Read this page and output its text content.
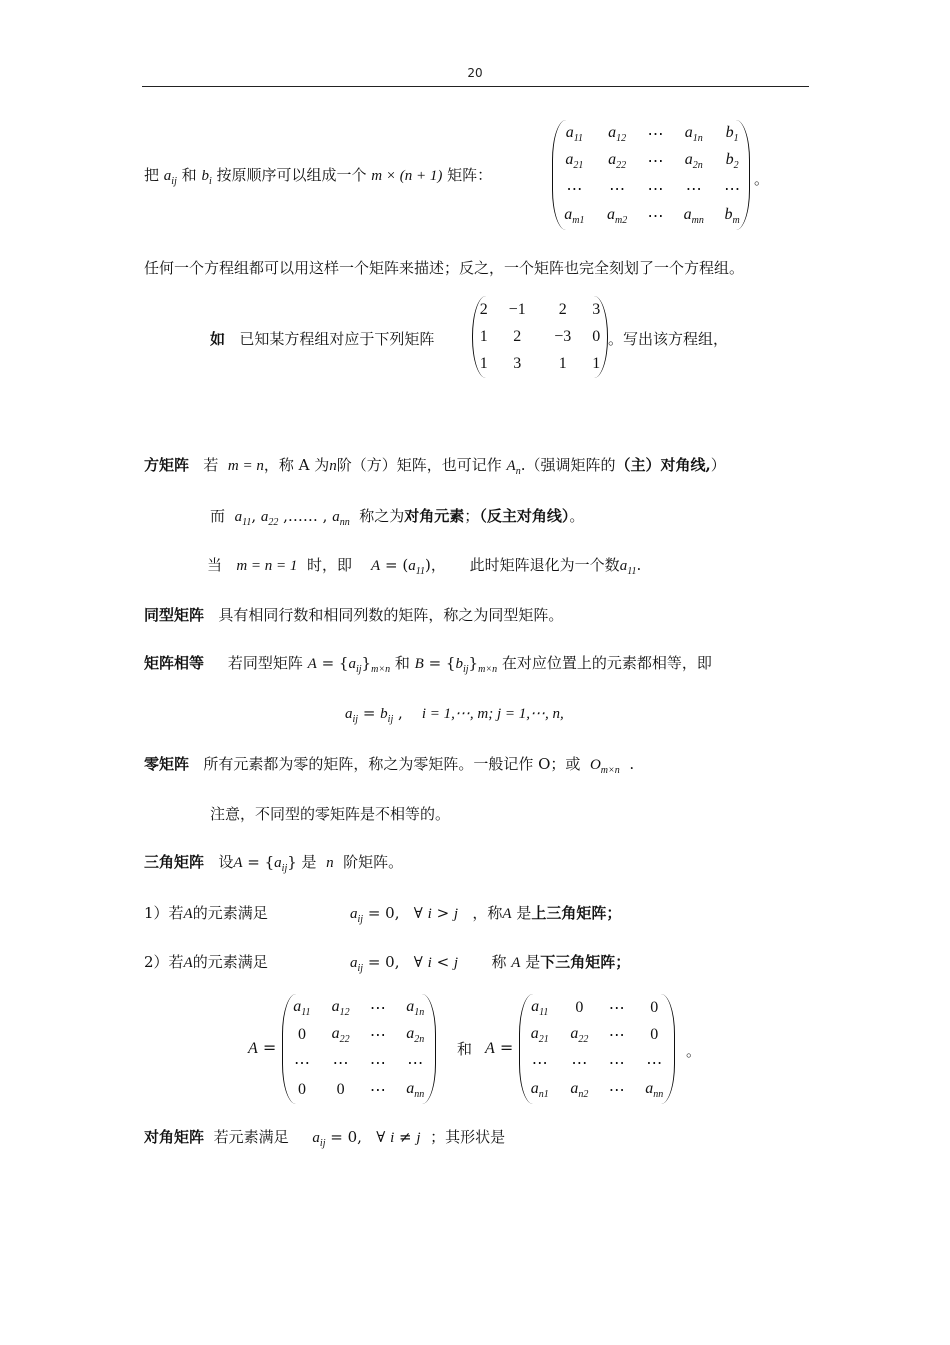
20
把 $a_{ij}$ 和 $b_i$ 按原顺序可以组成一个 m × (n + 1) 矩阵：
$a_{11}$	$a_{12}$	⋯	$a_{1n}$	$b_1$
$a_{21}$	$a_{22}$	⋯	$a_{2n}$	$b_2$
⋯	⋯	⋯	⋯	⋯
$a_{m1}$	$a_{m2}$	⋯	$a_{mn}$	$b_m$
。
任何一个方程组都可以用这样一个矩阵来描述；反之，一个矩阵也完全刻划了一个方程组。
如 已知某方程组对应于下列矩阵
2	−1	2	3
1	2	−3	0
1	3	1	1
。写出该方程组，
方矩阵 若 m = n，称 A 为n阶（方）矩阵，也可记作 $A_n$.（强调矩阵的（主）对角线,）
而 $a_{11}$, $a_{22}$ ,…… , $a_{nn}$ 称之为对角元素；（反主对角线）。
当 m = n = 1 时，即 $A = (a_{11})$， 此时矩阵退化为一个数$a_{11}$.
同型矩阵 具有相同行数和相同列数的矩阵，称之为同型矩阵。
矩阵相等 若同型矩阵 $A = \{a_{ij}\}_{m\times n}$ 和 $B = \{b_{ij}\}_{m\times n}$ 在对应位置上的元素都相等，即
$a_{ij} = b_{ij}$ ,    i = 1,⋯, m; j = 1,⋯, n,
零矩阵 所有元素都为零的矩阵，称之为零矩阵。一般记作 O；或 $O_{m\times n}$ .
注意，不同型的零矩阵是不相等的。
三角矩阵 设$A = \{a_{ij}\}$ 是 n 阶矩阵。
1）若A的元素满足	$a_{ij} = 0$,   ∀ i > j ，称A 是上三角矩阵；
2）若A的元素满足	$a_{ij} = 0$,   ∀ i < j 称 A 是下三角矩阵；
A =
$a_{11}$	$a_{12}$	⋯	$a_{1n}$
0	$a_{22}$	⋯	$a_{2n}$
⋯	⋯	⋯	⋯
0	0	⋯	$a_{nn}$
和 A =
$a_{11}$	0	⋯	0
$a_{21}$	$a_{22}$	⋯	0
⋯	⋯	⋯	⋯
$a_{n1}$	$a_{n2}$	⋯	$a_{nn}$
。
对角矩阵 若元素满足 $a_{ij} = 0$,   ∀ i ≠ j ；其形状是
